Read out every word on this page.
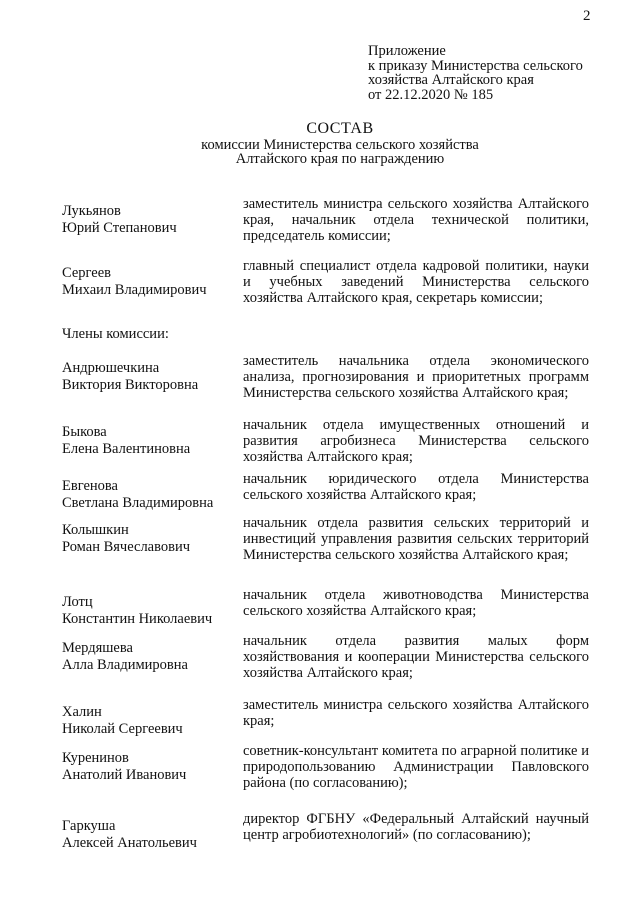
2
Приложение
к приказу Министерства сельского
хозяйства Алтайского края
от 22.12.2020 № 185
СОСТАВ
комиссии Министерства сельского хозяйства
Алтайского края по награждению
Лукьянов
Юрий Степанович
заместитель министра сельского хозяйства Алтайского края, начальник отдела технической политики, председатель комиссии;
Сергеев
Михаил Владимирович
главный специалист отдела кадровой политики, науки и учебных заведений Министерства сельского хозяйства Алтайского края, секретарь комиссии;
Члены комиссии:
Андрюшечкина
Виктория Викторовна
заместитель начальника отдела экономического анализа, прогнозирования и приоритетных программ Министерства сельского хозяйства Алтайского края;
Быкова
Елена Валентиновна
начальник отдела имущественных отношений и развития агробизнеса Министерства сельского хозяйства Алтайского края;
Евгенова
Светлана Владимировна
начальник юридического отдела Министерства сельского хозяйства Алтайского края;
Колышкин
Роман Вячеславович
начальник отдела развития сельских территорий и инвестиций управления развития сельских территорий Министерства сельского хозяйства Алтайского края;
Лотц
Константин Николаевич
начальник отдела животноводства Министерства сельского хозяйства Алтайского края;
Мердяшева
Алла Владимировна
начальник отдела развития малых форм хозяйствования и кооперации Министерства сельского хозяйства Алтайского края;
Халин
Николай Сергеевич
заместитель министра сельского хозяйства Алтайского края;
Куренинов
Анатолий Иванович
советник-консультант комитета по аграрной политике и природопользованию Администрации Павловского района (по согласованию);
Гаркуша
Алексей Анатольевич
директор ФГБНУ «Федеральный Алтайский научный центр агробиотехнологий» (по согласованию);
